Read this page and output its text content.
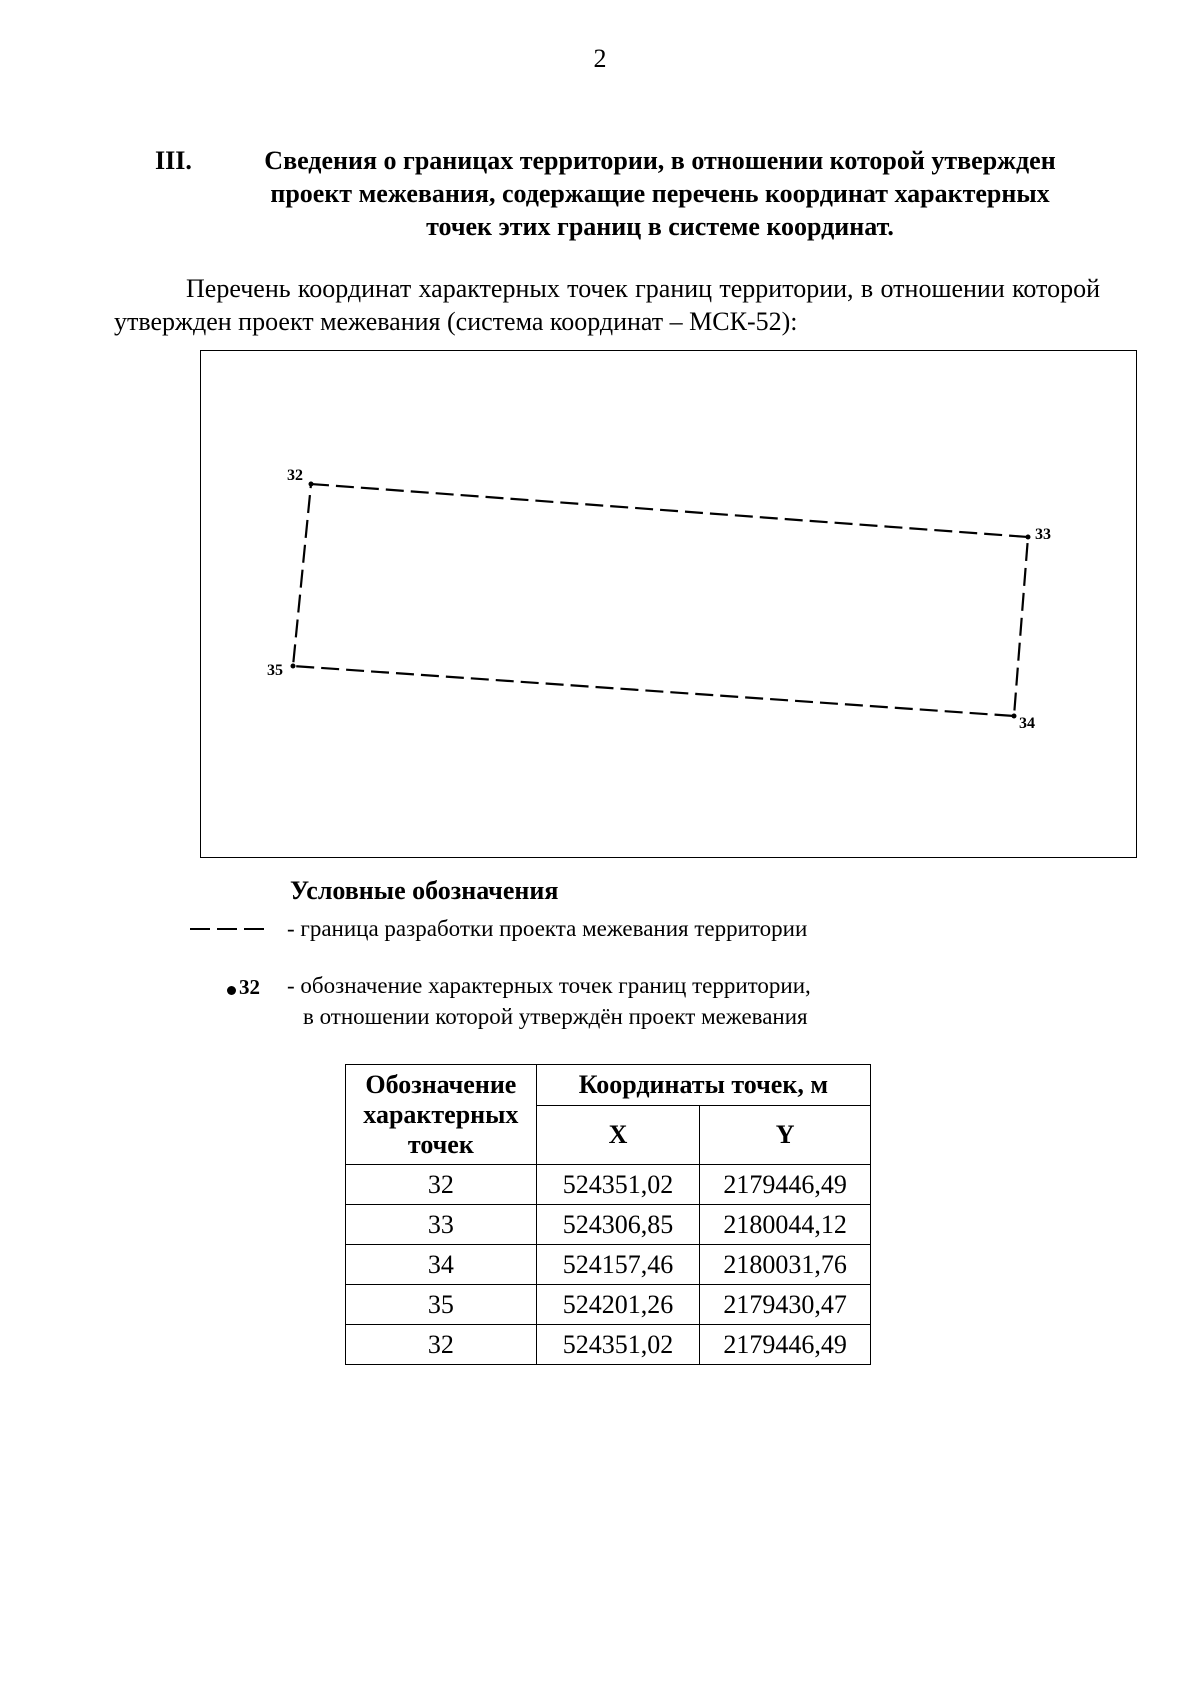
2
III.	Сведения о границах территории, в отношении которой утвержден
проект межевания, содержащие перечень координат характерных
точек этих границ в системе координат.
Перечень координат характерных точек границ территории, в отношении которой утвержден проект межевания (система координат – МСК-52):
32
33
34
35
Условные обозначения
- граница разработки проекта межевания территории
32 - обозначение характерных точек границ территории,
в отношении которой утверждён проект межевания
Обозначение характерных точек	Координаты точек, м	
	X	Y
32	524351,02	2179446,49
33	524306,85	2180044,12
34	524157,46	2180031,76
35	524201,26	2179430,47
32	524351,02	2179446,49
